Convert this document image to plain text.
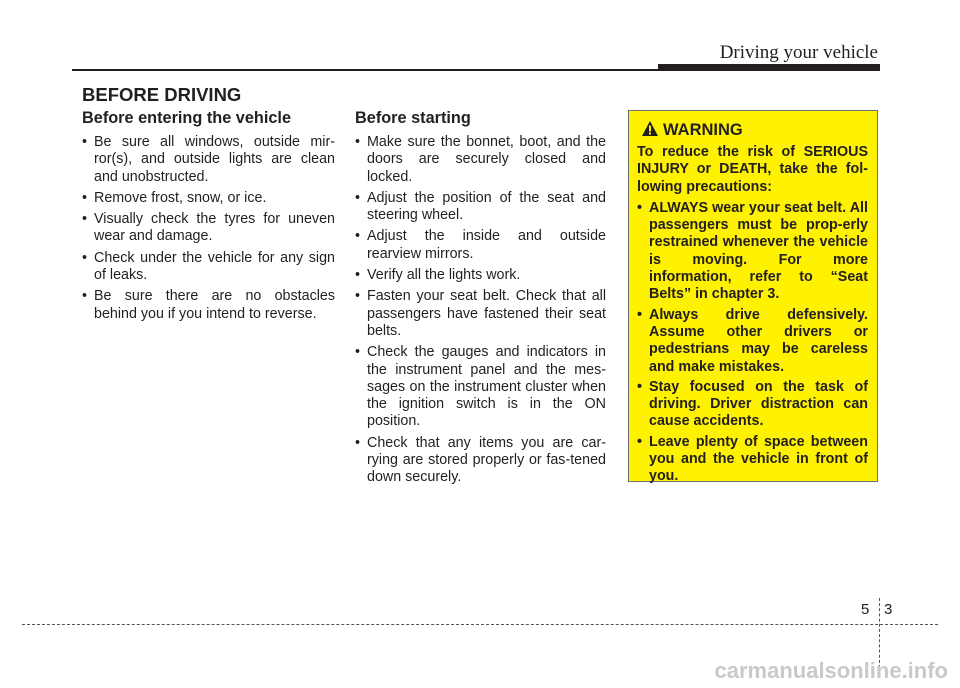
Driving your vehicle
BEFORE DRIVING
Before entering the vehicle
• Be sure all windows, outside mir-ror(s), and outside lights are clean and unobstructed.
• Remove frost, snow, or ice.
• Visually check the tyres for uneven wear and damage.
• Check under the vehicle for any sign of leaks.
• Be sure there are no obstacles behind you if you intend to reverse.
Before starting
• Make sure the bonnet, boot, and the doors are securely closed and locked.
• Adjust the position of the seat and steering wheel.
• Adjust the inside and outside rearview mirrors.
• Verify all the lights work.
• Fasten your seat belt. Check that all passengers have fastened their seat belts.
• Check the gauges and indicators in the instrument panel and the mes-sages on the instrument cluster when the ignition switch is in the ON position.
• Check that any items you are car-rying are stored properly or fas-tened down securely.
WARNING

To reduce the risk of SERIOUS INJURY or DEATH, take the fol-lowing precautions:

• ALWAYS wear your seat belt. All passengers must be prop-erly restrained whenever the vehicle is moving. For more information, refer to “Seat Belts” in chapter 3.
• Always drive defensively. Assume other drivers or pedestrians may be careless and make mistakes.
• Stay focused on the task of driving. Driver distraction can cause accidents.
• Leave plenty of space between you and the vehicle in front of you.
5 3
carmanualsonline.info
